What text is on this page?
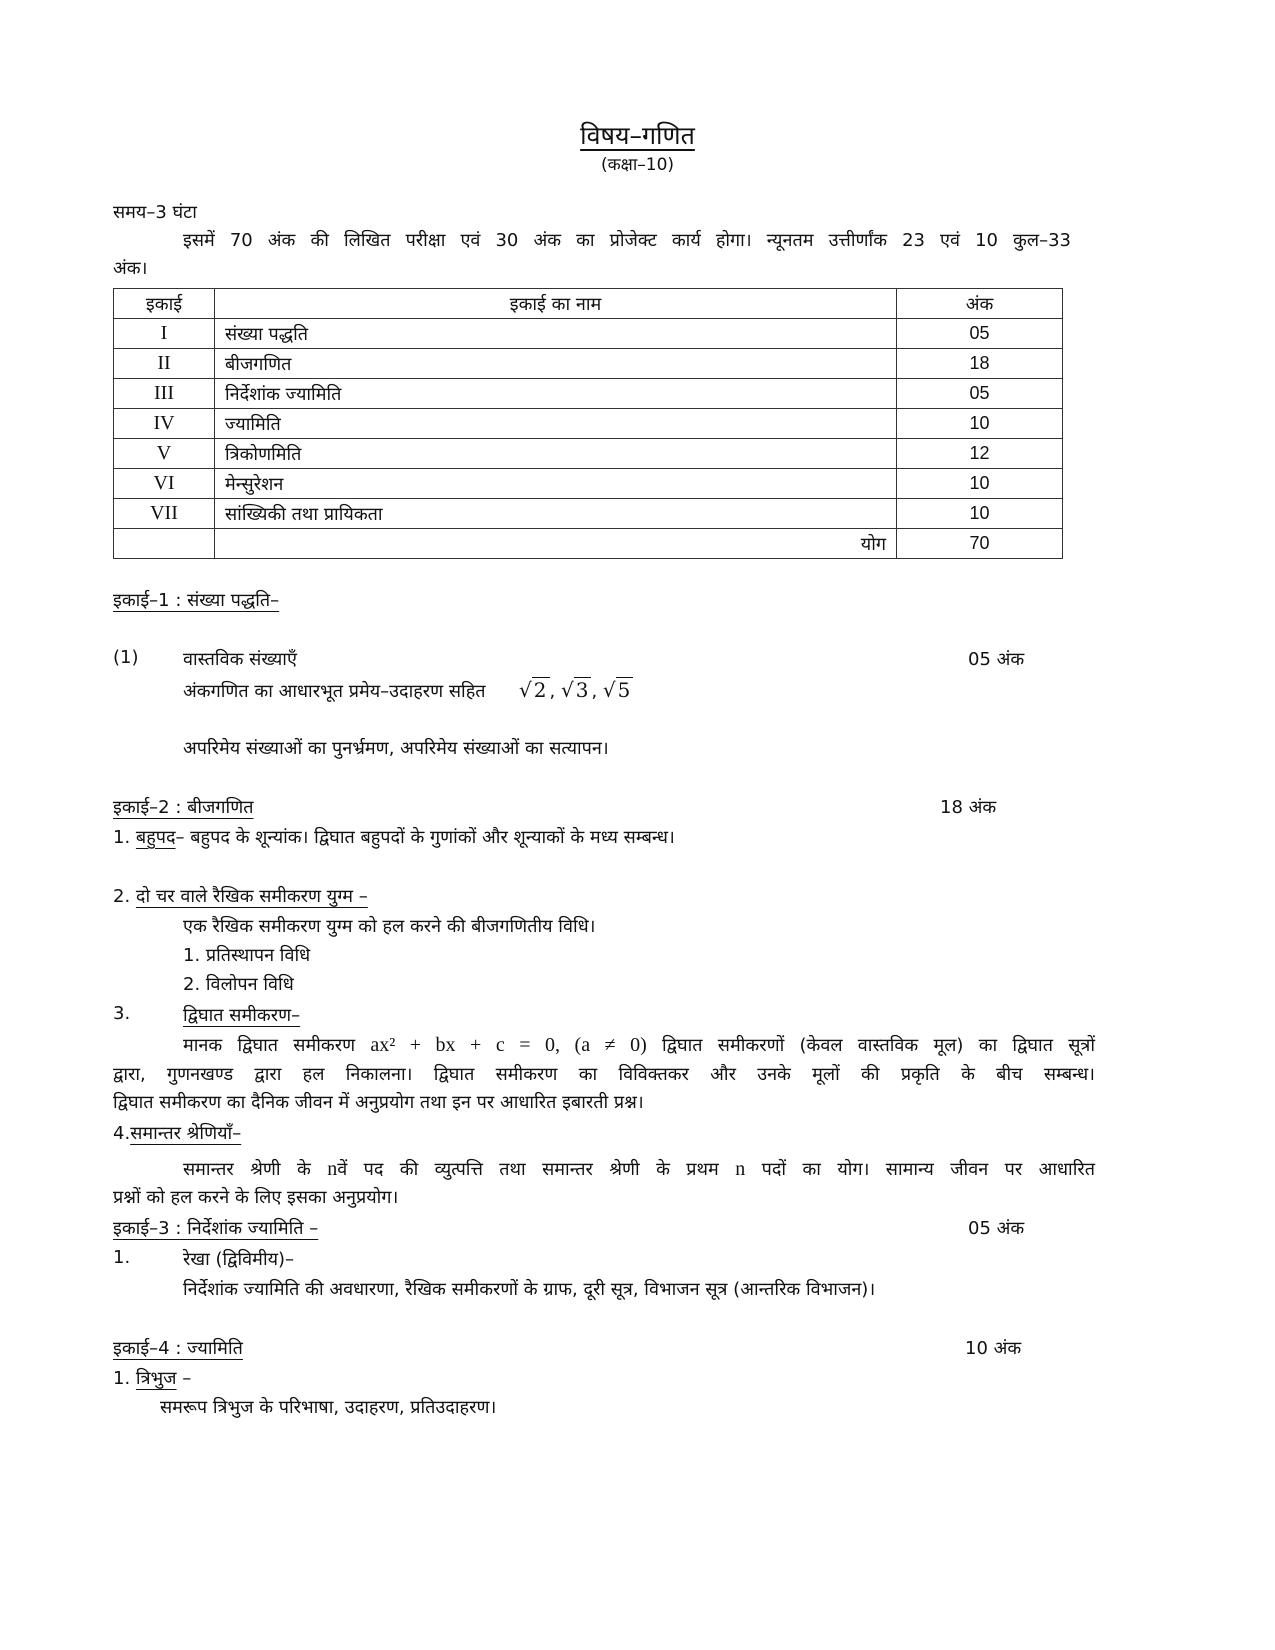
विषय–गणित
(कक्षा–10)
समय–3 घंटा
इसमें 70 अंक की लिखित परीक्षा एवं 30 अंक का प्रोजेक्ट कार्य होगा। न्यूनतम उत्तीर्णांक 23 एवं 10 कुल–33
अंक।
इकाई	इकाई का नाम	अंक
I	संख्या पद्धति	05
II	बीजगणित	18
III	निर्देशांक ज्यामिति	05
IV	ज्यामिति	10
V	त्रिकोणमिति	12
VI	मेन्सुरेशन	10
VII	सांख्यिकी तथा प्रायिकता	10
	योग	70
इकाई–1 : संख्या पद्धति–
(1) वास्तविक संख्याएँ	05 अंक
अंकगणित का आधारभूत प्रमेय–उदाहरण सहित √ 2 , √ 3 , √ 5
अपरिमेय संख्याओं का पुनर्भ्रमण, अपरिमेय संख्याओं का सत्यापन।
इकाई–2 : बीजगणित	18 अंक
1. बहुपद– बहुपद के शून्यांक। द्विघात बहुपदों के गुणांकों और शून्याकों के मध्य सम्बन्ध।
2. दो चर वाले रैखिक समीकरण युग्म –
एक रैखिक समीकरण युग्म को हल करने की बीजगणितीय विधि।
1. प्रतिस्थापन विधि
2. विलोपन विधि
3.	द्विघात समीकरण–
मानक द्विघात समीकरण ax² + bx + c = 0, (a ≠ 0) द्विघात समीकरणों (केवल वास्तविक मूल) का द्विघात सूत्रों
द्वारा, गुणनखण्ड द्वारा हल निकालना। द्विघात समीकरण का विविक्तकर और उनके मूलों की प्रकृति के बीच सम्बन्ध।
द्विघात समीकरण का दैनिक जीवन में अनुप्रयोग तथा इन पर आधारित इबारती प्रश्न।
4.समान्तर श्रेणियाँ–
समान्तर श्रेणी के nवें पद की व्युत्पत्ति तथा समान्तर श्रेणी के प्रथम n पदों का योग। सामान्य जीवन पर आधारित
प्रश्नों को हल करने के लिए इसका अनुप्रयोग।
इकाई–3 : निर्देशांक ज्यामिति –	05 अंक
1.	रेखा (द्विविमीय)–
निर्देशांक ज्यामिति की अवधारणा, रैखिक समीकरणों के ग्राफ, दूरी सूत्र, विभाजन सूत्र (आन्तरिक विभाजन)।
इकाई–4 : ज्यामिति	10 अंक
1. त्रिभुज –
समरूप त्रिभुज के परिभाषा, उदाहरण, प्रतिउदाहरण।
